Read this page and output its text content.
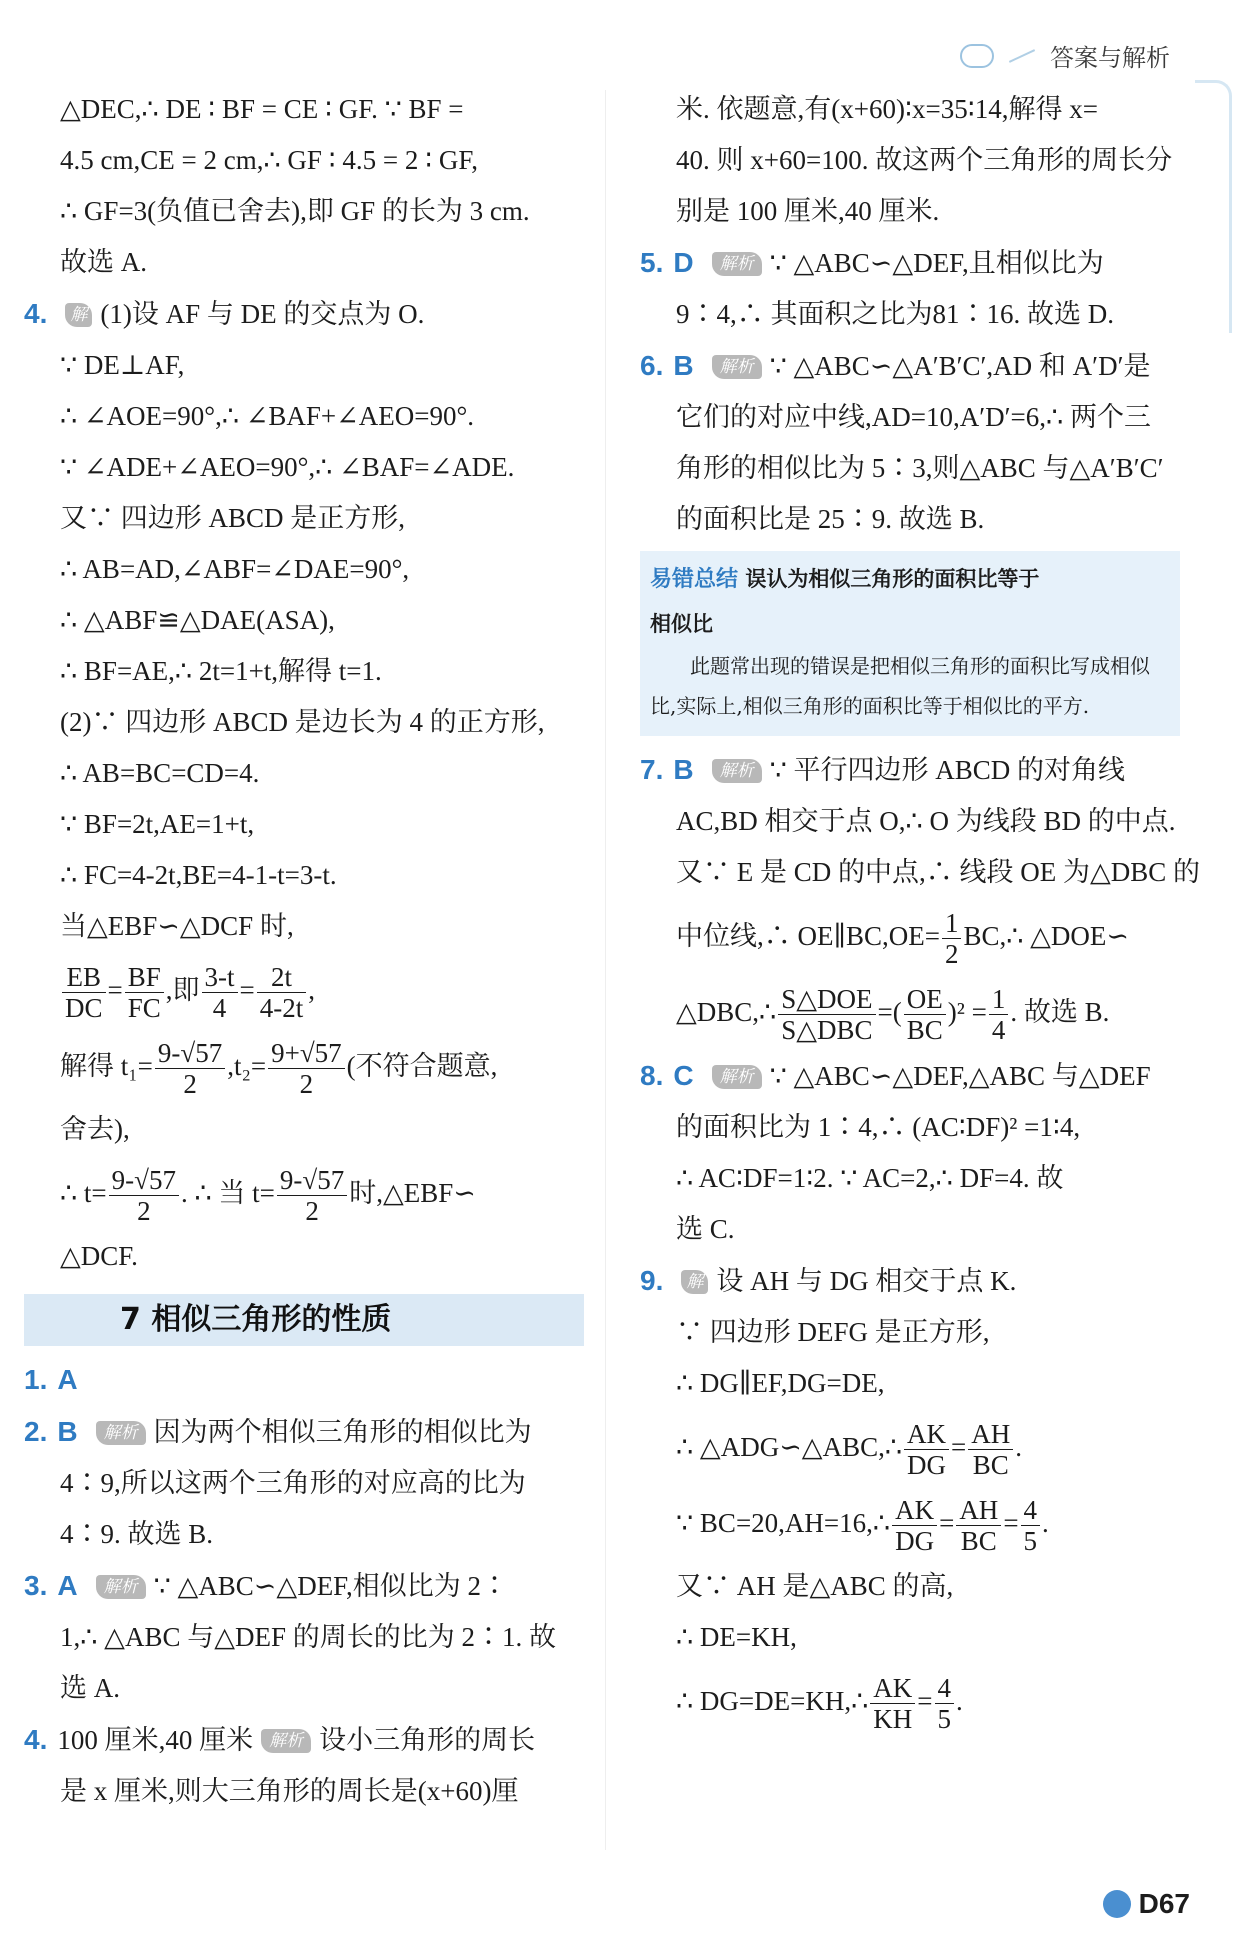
答案与解析
△DEC,∴ DE ∶ BF = CE ∶ GF. ∵ BF =
4.5 cm,CE = 2 cm,∴ GF ∶ 4.5 = 2 ∶ GF,
∴ GF=3(负值已舍去),即 GF 的长为 3 cm.
故选 A.
4. 解 (1)设 AF 与 DE 的交点为 O.
∵ DE⊥AF,
∴ ∠AOE=90°,∴ ∠BAF+∠AEO=90°.
∵ ∠ADE+∠AEO=90°,∴ ∠BAF=∠ADE.
又∵ 四边形 ABCD 是正方形,
∴ AB=AD,∠ABF=∠DAE=90°,
∴ △ABF≌△DAE(ASA),
∴ BF=AE,∴ 2t=1+t,解得 t=1.
(2)∵ 四边形 ABCD 是边长为 4 的正方形,
∴ AB=BC=CD=4.
∵ BF=2t,AE=1+t,
∴ FC=4-2t,BE=4-1-t=3-t.
当△EBF∽△DCF 时,
$\frac{EB}{DC} = \frac{BF}{FC}$ ,即 $\frac{3-t}{4} = \frac{2t}{4-2t}$ ,
解得 $t_1= \frac{9-√57}{2} ,t_2= \frac{9+√57}{2}$ (不符合题意,
舍去),
∴ $t= \frac{9-√57}{2}$ . ∴ 当 $t= \frac{9-√57}{2}$ 时,△EBF∽
△DCF.
7 相似三角形的性质
1. A
2. B 解析 因为两个相似三角形的相似比为
4∶9,所以这两个三角形的对应高的比为
4∶9. 故选 B.
3. A 解析 ∵ △ABC∽△DEF,相似比为 2∶
1,∴ △ABC 与△DEF 的周长的比为 2∶1. 故
选 A.
4. 100 厘米,40 厘米 解析 设小三角形的周长
是 x 厘米,则大三角形的周长是(x+60)厘
米. 依题意,有(x+60)∶x=35∶14,解得 x=
40. 则 x+60=100. 故这两个三角形的周长分
别是 100 厘米,40 厘米.
5. D 解析 ∵ △ABC∽△DEF,且相似比为
9∶4,∴ 其面积之比为81∶16. 故选 D.
6. B 解析 ∵ △ABC∽△A′B′C′,AD 和 A′D′是
它们的对应中线,AD=10,A′D′=6,∴ 两个三
角形的相似比为 5∶3,则△ABC 与△A′B′C′
的面积比是 25∶9. 故选 B.
易错总结 误认为相似三角形的面积比等于
相似比
此题常出现的错误是把相似三角形的面积比写成相似比,实际上,相似三角形的面积比等于相似比的平方.
7. B 解析 ∵ 平行四边形 ABCD 的对角线
AC,BD 相交于点 O,∴ O 为线段 BD 的中点.
又∵ E 是 CD 的中点,∴ 线段 OE 为△DBC 的
中位线,∴ OE∥BC,OE= $\frac{1}{2}$ BC,∴ △DOE∽
△DBC,∴ $\frac{\text{S△DOE}}{\text{S△DBC}}$ =( $\frac{OE}{BC} )^2 = \frac{1}{4}$ . 故选 B.
8. C 解析 ∵ △ABC∽△DEF,△ABC 与△DEF
的面积比为 1∶4,∴ (AC∶DF)² =1∶4,
∴ AC∶DF=1∶2. ∵ AC=2,∴ DF=4. 故
选 C.
9. 解 设 AH 与 DG 相交于点 K.
∵ 四边形 DEFG 是正方形,
∴ DG∥EF,DG=DE,
∴ △ADG∽△ABC,∴ $\frac{AK}{DG} = \frac{AH}{BC}$ .
∵ BC=20,AH=16,∴ $\frac{AK}{DG} = \frac{AH}{BC} = \frac{4}{5}$ .
又∵ AH 是△ABC 的高,
∴ DE=KH,
∴ DG=DE=KH,∴ $\frac{AK}{KH} = \frac{4}{5}$ .
D67
